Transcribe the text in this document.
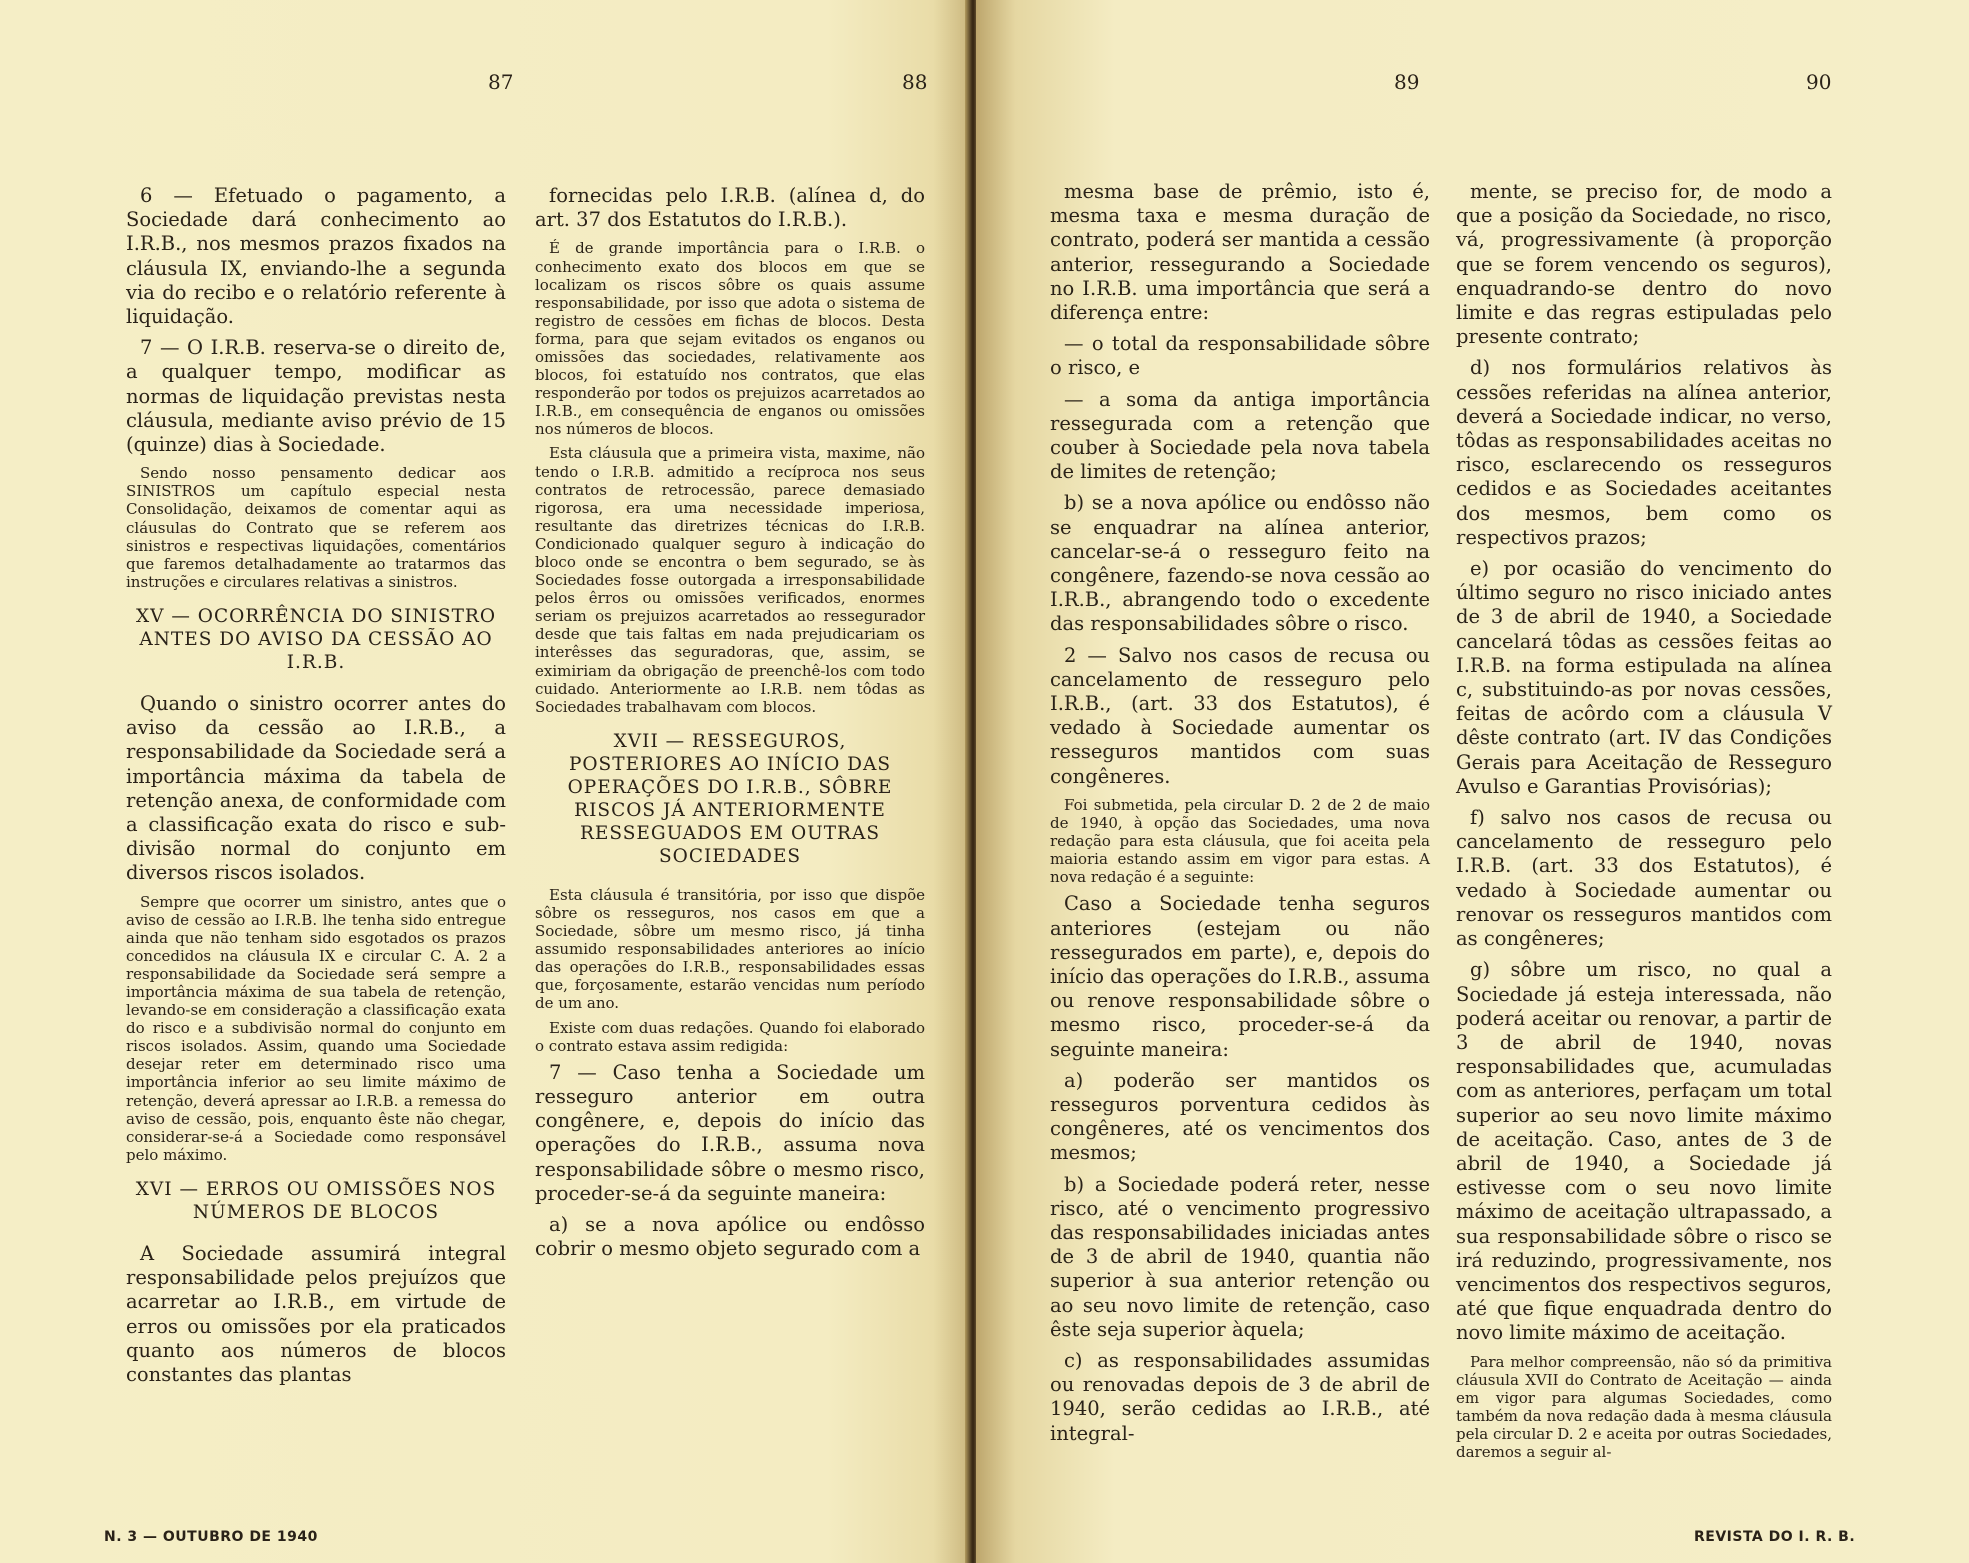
87	88

6 — Efetuado o pagamento, a Sociedade dará conhecimento ao I.R.B., nos mesmos prazos fixados na cláusula IX, enviando-lhe a segunda via do recibo e o relatório referente à liquidação.

7 — O I.R.B. reserva-se o direito de, a qualquer tempo, modificar as normas de liquidação previstas nesta cláusula, mediante aviso prévio de 15 (quinze) dias à Sociedade.

Sendo nosso pensamento dedicar aos SINISTROS um capítulo especial nesta Consolidação, deixamos de comentar aqui as cláusulas do Contrato que se referem aos sinistros e respectivas liquidações, comentários que faremos detalhadamente ao tratarmos das instruções e circulares relativas a sinistros.

XV — OCORRÊNCIA DO SINISTRO ANTES DO AVISO DA CESSÃO AO I.R.B.

Quando o sinistro ocorrer antes do aviso da cessão ao I.R.B., a responsabilidade da Sociedade será a importância máxima da tabela de retenção anexa, de conformidade com a classificação exata do risco e sub-divisão normal do conjunto em diversos riscos isolados.

Sempre que ocorrer um sinistro, antes que o aviso de cessão ao I.R.B. lhe tenha sido entregue ainda que não tenham sido esgotados os prazos concedidos na cláusula IX e circular C. A. 2 a responsabilidade da Sociedade será sempre a importância máxima de sua tabela de retenção, levando-se em consideração a classificação exata do risco e a subdivisão normal do conjunto em riscos isolados. Assim, quando uma Sociedade desejar reter em determinado risco uma importância inferior ao seu limite máximo de retenção, deverá apressar ao I.R.B. a remessa do aviso de cessão, pois, enquanto êste não chegar, considerar-se-á a Sociedade como responsável pelo máximo.

XVI — ERROS OU OMISSÕES NOS NÚMEROS DE BLOCOS

A Sociedade assumirá integral responsabilidade pelos prejuízos que acarretar ao I.R.B., em virtude de erros ou omissões por ela praticados quanto aos números de blocos constantes das plantas

fornecidas pelo I.R.B. (alínea d, do art. 37 dos Estatutos do I.R.B.).

É de grande importância para o I.R.B. o conhecimento exato dos blocos em que se localizam os riscos sôbre os quais assume responsabilidade, por isso que adota o sistema de registro de cessões em fichas de blocos. Desta forma, para que sejam evitados os enganos ou omissões das sociedades, relativamente aos blocos, foi estatuído nos contratos, que elas responderão por todos os prejuizos acarretados ao I.R.B., em consequência de enganos ou omissões nos números de blocos.

Esta cláusula que a primeira vista, maxime, não tendo o I.R.B. admitido a recíproca nos seus contratos de retrocessão, parece demasiado rigorosa, era uma necessidade imperiosa, resultante das diretrizes técnicas do I.R.B. Condicionado qualquer seguro à indicação do bloco onde se encontra o bem segurado, se às Sociedades fosse outorgada a irresponsabilidade pelos êrros ou omissões verificados, enormes seriam os prejuizos acarretados ao ressegurador desde que tais faltas em nada prejudicariam os interêsses das seguradoras, que, assim, se eximiriam da obrigação de preenchê-los com todo cuidado. Anteriormente ao I.R.B. nem tôdas as Sociedades trabalhavam com blocos.

XVII — RESSEGUROS, POSTERIORES AO INÍCIO DAS OPERAÇÕES DO I.R.B., SÔBRE RISCOS JÁ ANTERIORMENTE RESSEGUADOS EM OUTRAS SOCIEDADES

Esta cláusula é transitória, por isso que dispõe sôbre os resseguros, nos casos em que a Sociedade, sôbre um mesmo risco, já tinha assumido responsabilidades anteriores ao início das operações do I.R.B., responsabilidades essas que, forçosamente, estarão vencidas num período de um ano.

Existe com duas redações. Quando foi elaborado o contrato estava assim redigida:

7 — Caso tenha a Sociedade um resseguro anterior em outra congênere, e, depois do início das operações do I.R.B., assuma nova responsabilidade sôbre o mesmo risco, proceder-se-á da seguinte maneira:

a) se a nova apólice ou endôsso cobrir o mesmo objeto segurado com a

N. 3 — OUTUBRO DE 1940
89	90

mesma base de prêmio, isto é, mesma taxa e mesma duração de contrato, poderá ser mantida a cessão anterior, ressegurando a Sociedade no I.R.B. uma importância que será a diferença entre:

— o total da responsabilidade sôbre o risco, e

— a soma da antiga importância ressegurada com a retenção que couber à Sociedade pela nova tabela de limites de retenção;

b) se a nova apólice ou endôsso não se enquadrar na alínea anterior, cancelar-se-á o resseguro feito na congênere, fazendo-se nova cessão ao I.R.B., abrangendo todo o excedente das responsabilidades sôbre o risco.

2 — Salvo nos casos de recusa ou cancelamento de resseguro pelo I.R.B., (art. 33 dos Estatutos), é vedado à Sociedade aumentar os resseguros mantidos com suas congêneres.

Foi submetida, pela circular D. 2 de 2 de maio de 1940, à opção das Sociedades, uma nova redação para esta cláusula, que foi aceita pela maioria estando assim em vigor para estas. A nova redação é a seguinte:

Caso a Sociedade tenha seguros anteriores (estejam ou não ressegurados em parte), e, depois do início das operações do I.R.B., assuma ou renove responsabilidade sôbre o mesmo risco, proceder-se-á da seguinte maneira:

a) poderão ser mantidos os resseguros porventura cedidos às congêneres, até os vencimentos dos mesmos;

b) a Sociedade poderá reter, nesse risco, até o vencimento progressivo das responsabilidades iniciadas antes de 3 de abril de 1940, quantia não superior à sua anterior retenção ou ao seu novo limite de retenção, caso êste seja superior àquela;

c) as responsabilidades assumidas ou renovadas depois de 3 de abril de 1940, serão cedidas ao I.R.B., até integral-

mente, se preciso for, de modo a que a posição da Sociedade, no risco, vá, progressivamente (à proporção que se forem vencendo os seguros), enquadrando-se dentro do novo limite e das regras estipuladas pelo presente contrato;

d) nos formulários relativos às cessões referidas na alínea anterior, deverá a Sociedade indicar, no verso, tôdas as responsabilidades aceitas no risco, esclarecendo os resseguros cedidos e as Sociedades aceitantes dos mesmos, bem como os respectivos prazos;

e) por ocasião do vencimento do último seguro no risco iniciado antes de 3 de abril de 1940, a Sociedade cancelará tôdas as cessões feitas ao I.R.B. na forma estipulada na alínea c, substituindo-as por novas cessões, feitas de acôrdo com a cláusula V dêste contrato (art. IV das Condições Gerais para Aceitação de Resseguro Avulso e Garantias Provisórias);

f) salvo nos casos de recusa ou cancelamento de resseguro pelo I.R.B. (art. 33 dos Estatutos), é vedado à Sociedade aumentar ou renovar os resseguros mantidos com as congêneres;

g) sôbre um risco, no qual a Sociedade já esteja interessada, não poderá aceitar ou renovar, a partir de 3 de abril de 1940, novas responsabilidades que, acumuladas com as anteriores, perfaçam um total superior ao seu novo limite máximo de aceitação. Caso, antes de 3 de abril de 1940, a Sociedade já estivesse com o seu novo limite máximo de aceitação ultrapassado, a sua responsabilidade sôbre o risco se irá reduzindo, progressivamente, nos vencimentos dos respectivos seguros, até que fique enquadrada dentro do novo limite máximo de aceitação.

Para melhor compreensão, não só da primitiva cláusula XVII do Contrato de Aceitação — ainda em vigor para algumas Sociedades, como também da nova redação dada à mesma cláusula pela circular D. 2 e aceita por outras Sociedades, daremos a seguir al-

REVISTA DO I. R. B.
